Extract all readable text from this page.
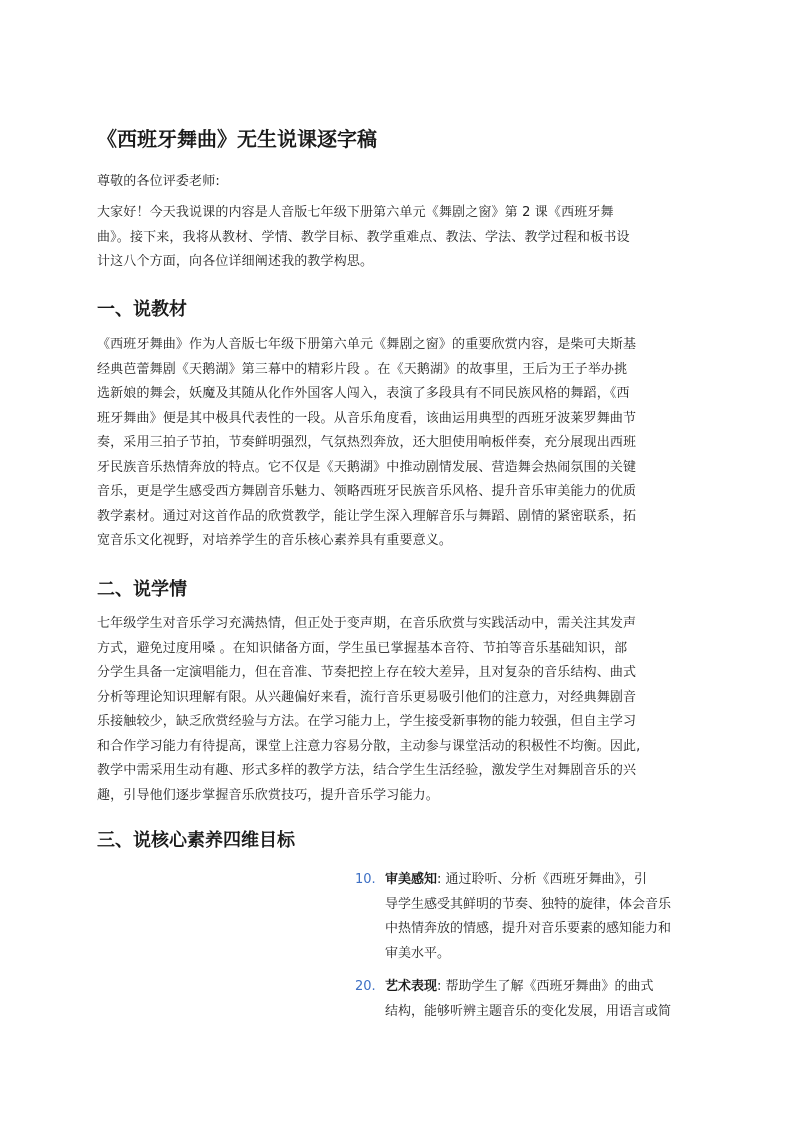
《西班牙舞曲》无生说课逐字稿

尊敬的各位评委老师:

大家好！今天我说课的内容是人音版七年级下册第六单元《舞剧之窗》第 2 课《西班牙舞
曲》。接下来，我将从教材、学情、教学目标、教学重难点、教法、学法、教学过程和板书设
计这八个方面，向各位详细阐述我的教学构思。

一、说教材

《西班牙舞曲》作为人音版七年级下册第六单元《舞剧之窗》的重要欣赏内容，是柴可夫斯基
经典芭蕾舞剧《天鹅湖》第三幕中的精彩片段 。在《天鹅湖》的故事里，王后为王子举办挑
选新娘的舞会，妖魔及其随从化作外国客人闯入，表演了多段具有不同民族风格的舞蹈，《西
班牙舞曲》便是其中极具代表性的一段。从音乐角度看，该曲运用典型的西班牙波莱罗舞曲节
奏，采用三拍子节拍，节奏鲜明强烈，气氛热烈奔放，还大胆使用响板伴奏，充分展现出西班
牙民族音乐热情奔放的特点。它不仅是《天鹅湖》中推动剧情发展、营造舞会热闹氛围的关键
音乐，更是学生感受西方舞剧音乐魅力、领略西班牙民族音乐风格、提升音乐审美能力的优质
教学素材。通过对这首作品的欣赏教学，能让学生深入理解音乐与舞蹈、剧情的紧密联系，拓
宽音乐文化视野，对培养学生的音乐核心素养具有重要意义。

二、说学情

七年级学生对音乐学习充满热情，但正处于变声期，在音乐欣赏与实践活动中，需关注其发声
方式，避免过度用嗓 。在知识储备方面，学生虽已掌握基本音符、节拍等音乐基础知识，部
分学生具备一定演唱能力，但在音准、节奏把控上存在较大差异，且对复杂的音乐结构、曲式
分析等理论知识理解有限。从兴趣偏好来看，流行音乐更易吸引他们的注意力，对经典舞剧音
乐接触较少，缺乏欣赏经验与方法。在学习能力上，学生接受新事物的能力较强，但自主学习
和合作学习能力有待提高，课堂上注意力容易分散，主动参与课堂活动的积极性不均衡。因此,
教学中需采用生动有趣、形式多样的教学方法，结合学生生活经验，激发学生对舞剧音乐的兴
趣，引导他们逐步掌握音乐欣赏技巧，提升音乐学习能力。

三、说核心素养四维目标
10. 审美感知: 通过聆听、分析《西班牙舞曲》，引
导学生感受其鲜明的节奏、独特的旋律，体会音乐
中热情奔放的情感，提升对音乐要素的感知能力和
审美水平。
20. 艺术表现: 帮助学生了解《西班牙舞曲》的曲式
结构，能够听辨主题音乐的变化发展，用语言或简
